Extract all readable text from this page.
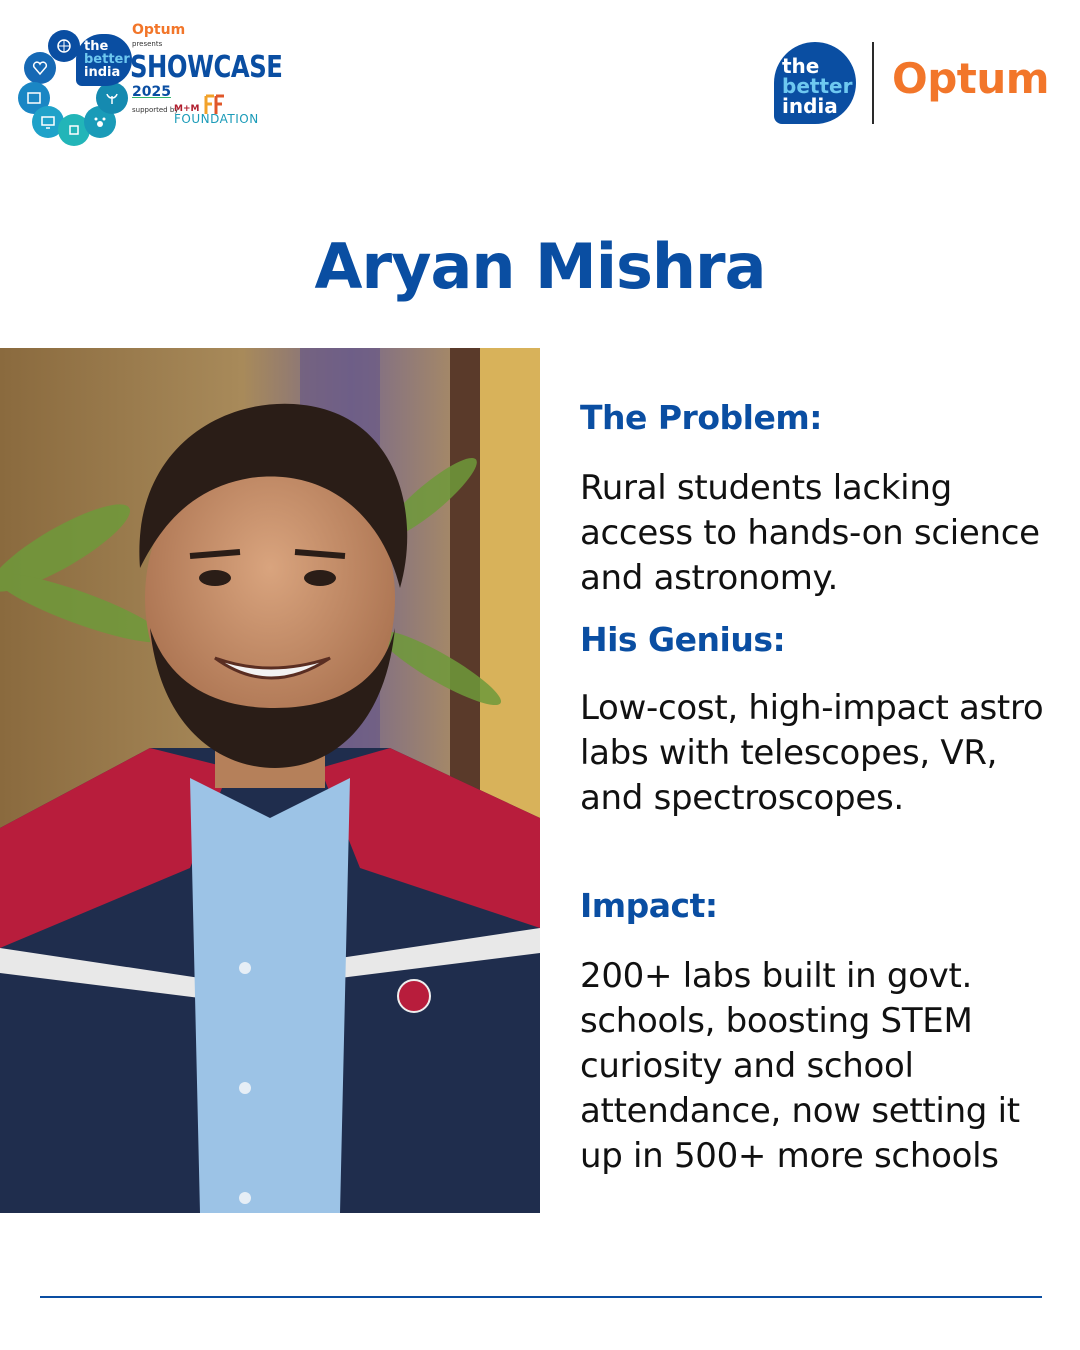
the
better
india
Optum
presents
SHOWCASE
2025
supported by
M+M
FOUNDATION
the
better
india
Optum
Aryan Mishra
The Problem:
Rural students lacking access to hands-on science and astronomy.
His Genius:
Low-cost, high-impact astro labs with telescopes, VR, and spectroscopes.
Impact:
200+ labs built in govt. schools, boosting STEM curiosity and school attendance, now setting it up in 500+ more schools
